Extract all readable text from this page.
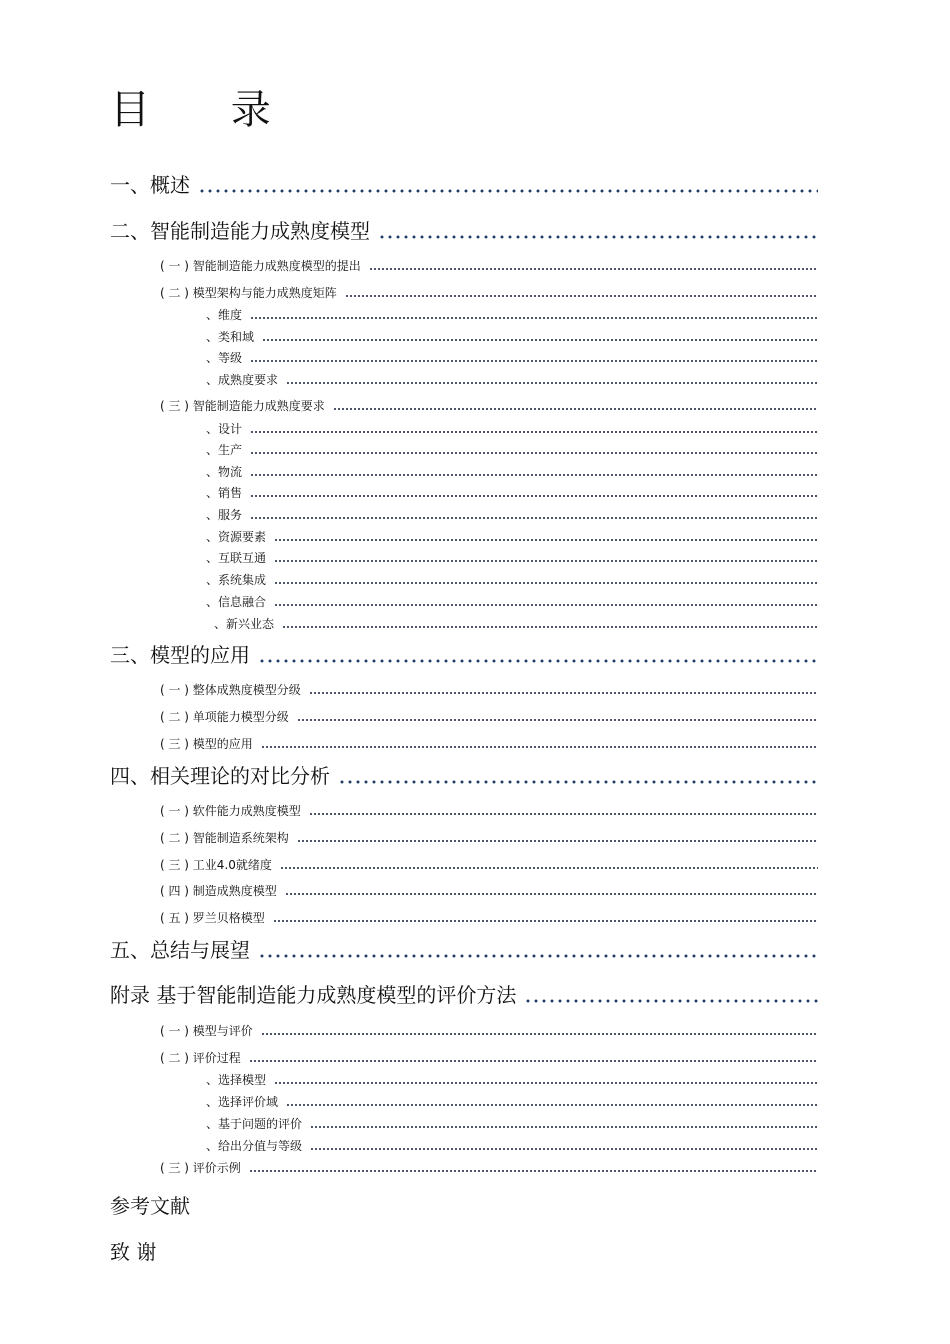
目 录
一、概述
二、智能制造能力成熟度模型
( 一 ) 智能制造能力成熟度模型的提出
( 二 ) 模型架构与能力成熟度矩阵
、维度
、类和域
、等级
、成熟度要求
( 三 ) 智能制造能力成熟度要求
、设计
、生产
、物流
、销售
、服务
、资源要素
、互联互通
、系统集成
、信息融合
、新兴业态
三、模型的应用
( 一 ) 整体成熟度模型分级
( 二 ) 单项能力模型分级
( 三 ) 模型的应用
四、相关理论的对比分析
( 一 ) 软件能力成熟度模型
( 二 ) 智能制造系统架构
( 三 ) 工业4.0就绪度
( 四 ) 制造成熟度模型
( 五 ) 罗兰贝格模型
五、总结与展望
附录 基于智能制造能力成熟度模型的评价方法
( 一 ) 模型与评价
( 二 ) 评价过程
、选择模型
、选择评价域
、基于问题的评价
、给出分值与等级
( 三 ) 评价示例
参考文献
致 谢
